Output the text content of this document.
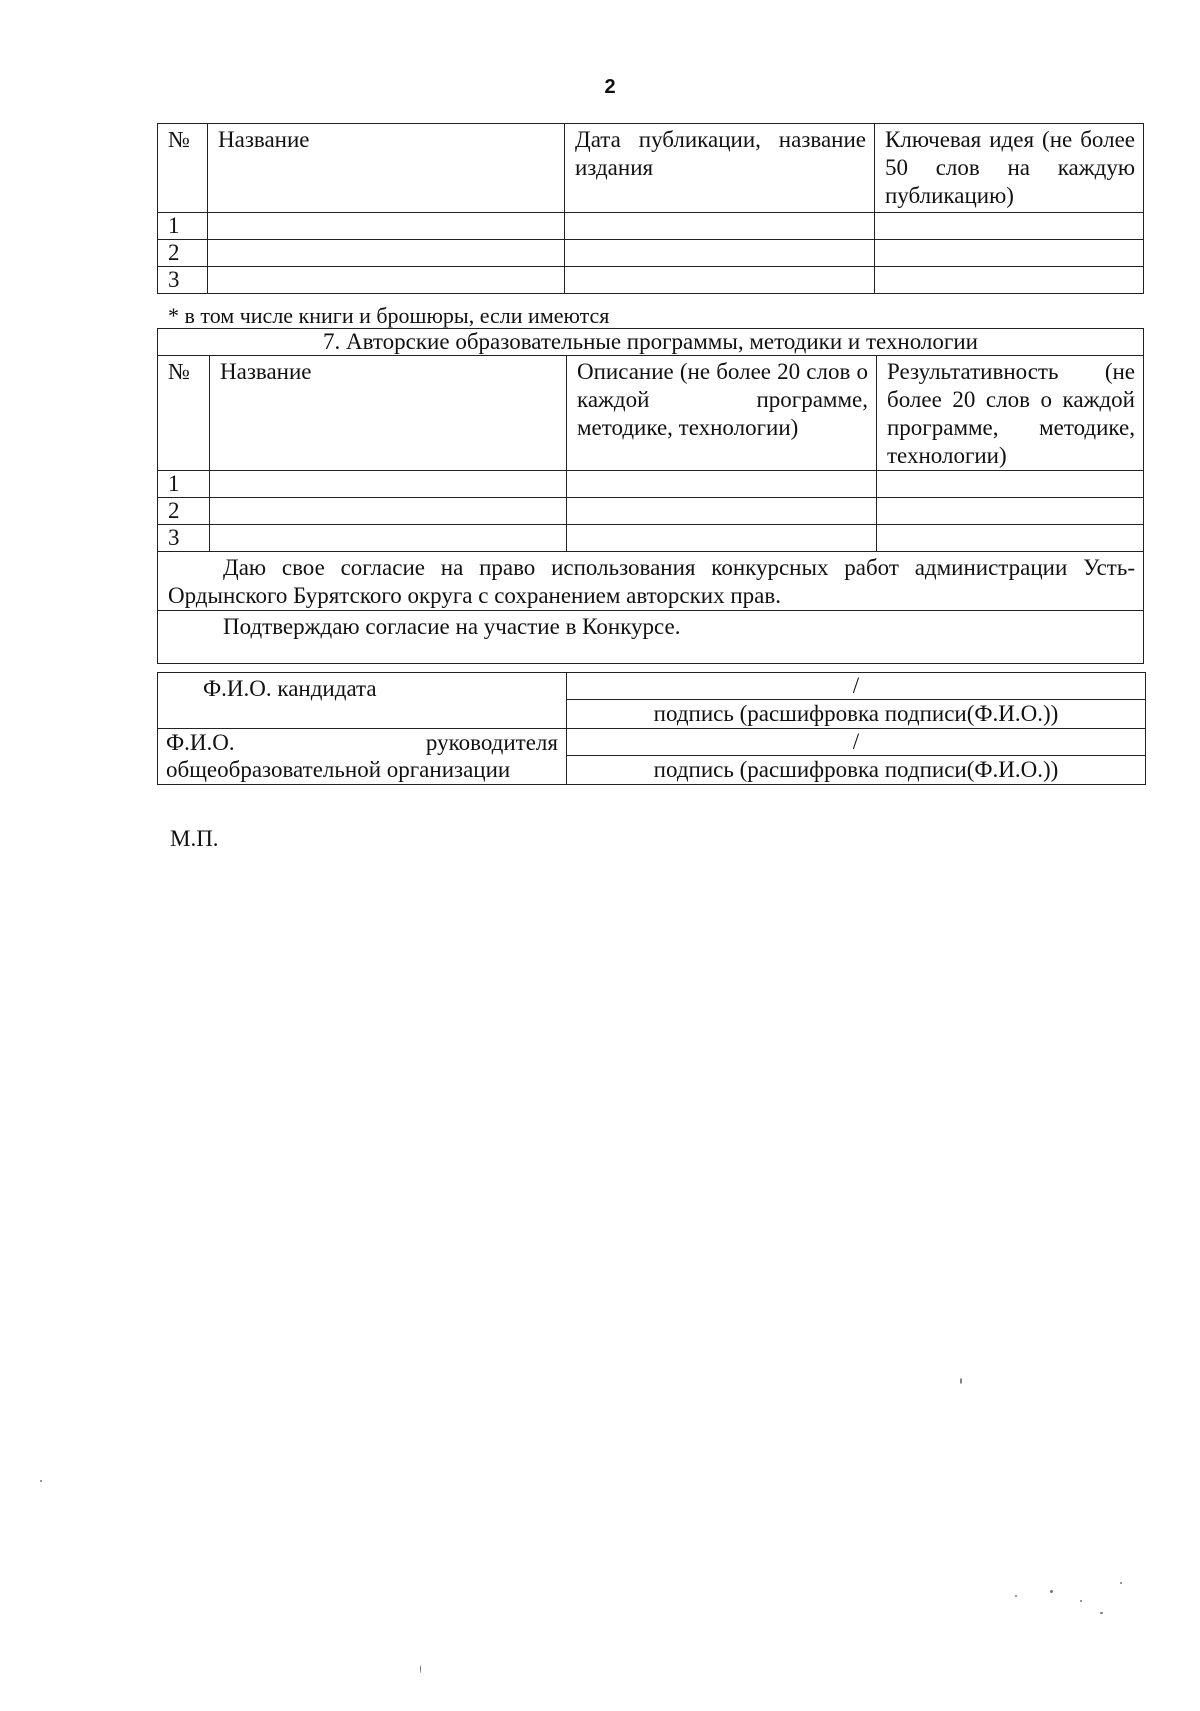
2
№	Название	Дата публикации, название издания	Ключевая идея (не более 50 слов на каждую публикацию)
1			
2			
3			
* в том числе книги и брошюры, если имеются
7. Авторские образовательные программы, методики и технологии			
№	Название	Описание (не более 20 слов о каждой программе, методике, технологии)	Результативность (не более 20 слов о каждой программе, методике, технологии)
1			
2			
3			
Даю свое согласие на право использования конкурсных работ администрации Усть-Ордынского Бурятского округа с сохранением авторских прав.			
Подтверждаю согласие на участие в Конкурсе.			
Ф.И.О. кандидата	/
	подпись (расшифровка подписи(Ф.И.О.))

Ф.И.О. руководителя
общеобразовательной организации	/
	подпись (расшифровка подписи(Ф.И.О.))
М.П.
